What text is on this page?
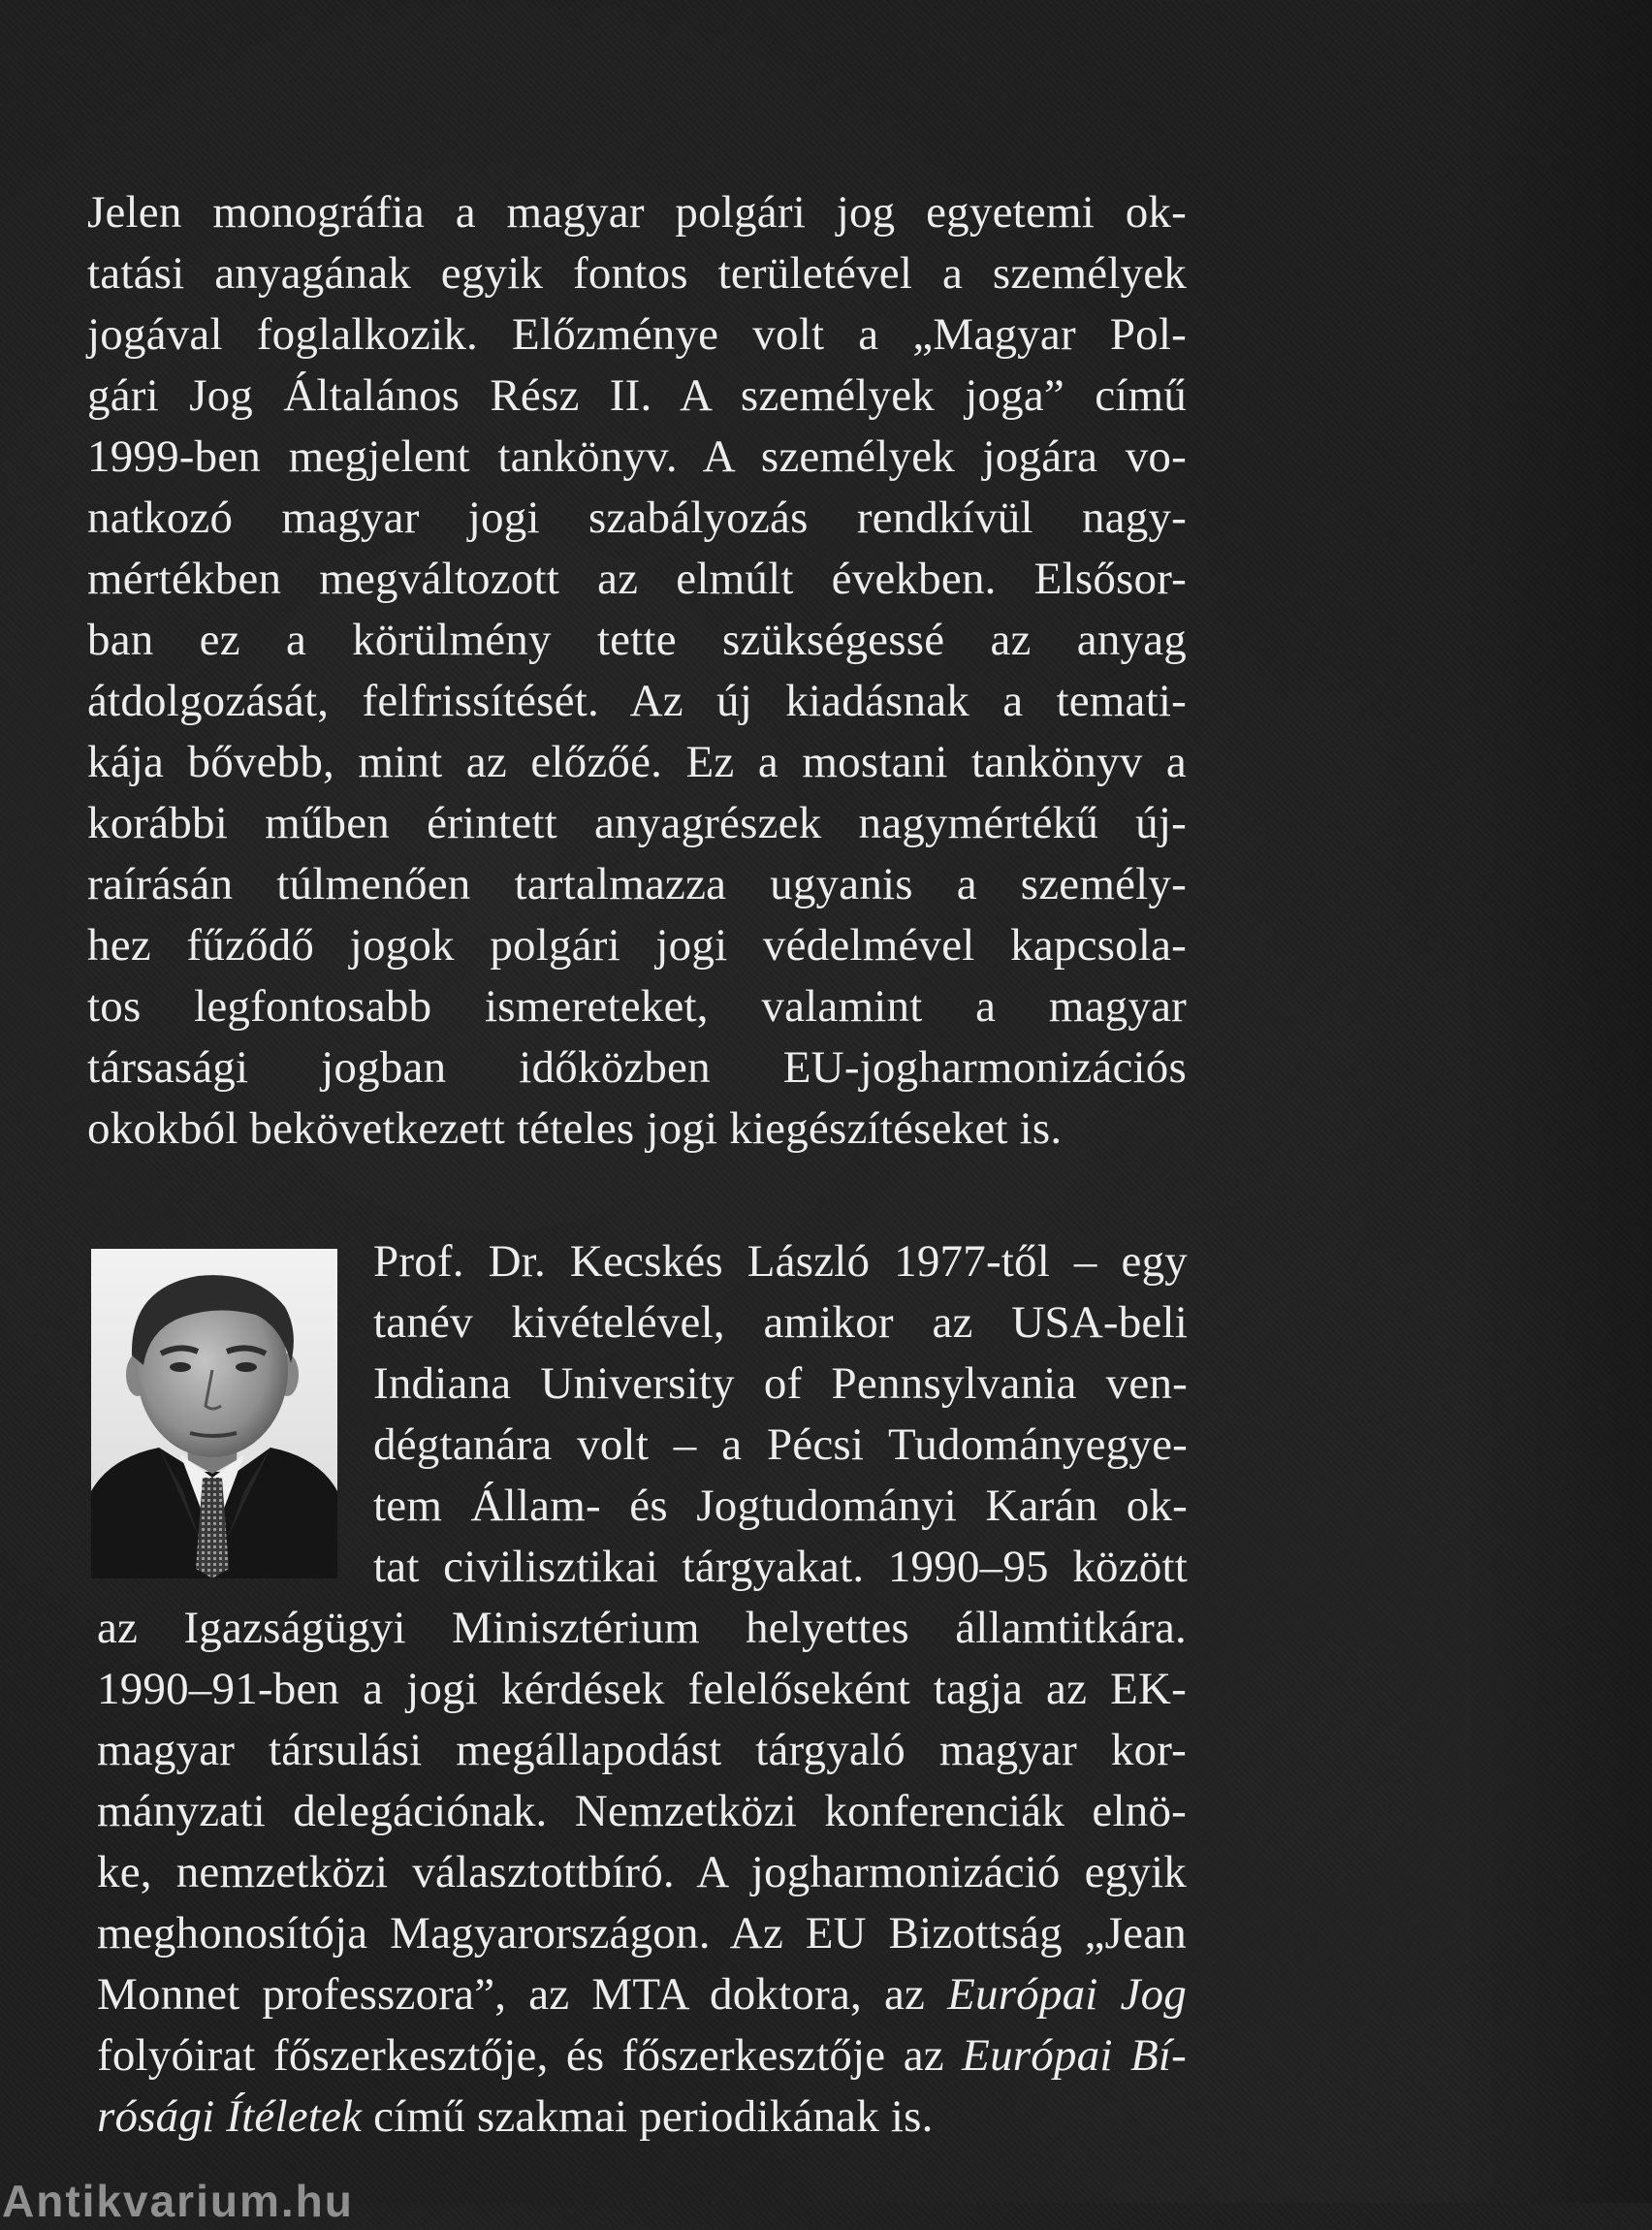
Jelen monográfia a magyar polgári jog egyetemi ok-
tatási anyagának egyik fontos területével a személyek
jogával foglalkozik. Előzménye volt a „Magyar Pol-
gári Jog Általános Rész II. A személyek joga” című
1999-ben megjelent tankönyv. A személyek jogára vo-
natkozó magyar jogi szabályozás rendkívül nagy-
mértékben megváltozott az elmúlt években. Elsősor-
ban ez a körülmény tette szükségessé az anyag
átdolgozását, felfrissítését. Az új kiadásnak a temati-
kája bővebb, mint az előzőé. Ez a mostani tankönyv a
korábbi műben érintett anyagrészek nagymértékű új-
raírásán túlmenően tartalmazza ugyanis a személy-
hez fűződő jogok polgári jogi védelmével kapcsola-
tos legfontosabb ismereteket, valamint a magyar
társasági jogban időközben EU-jogharmonizációs
okokból bekövetkezett tételes jogi kiegészítéseket is.
Prof. Dr. Kecskés László 1977-től – egy
tanév kivételével, amikor az USA-beli
Indiana University of Pennsylvania ven-
dégtanára volt – a Pécsi Tudományegye-
tem Állam- és Jogtudományi Karán ok-
tat civilisztikai tárgyakat. 1990–95 között
az Igazságügyi Minisztérium helyettes államtitkára.
1990–91-ben a jogi kérdések felelőseként tagja az EK-
magyar társulási megállapodást tárgyaló magyar kor-
mányzati delegációnak. Nemzetközi konferenciák elnö-
ke, nemzetközi választottbíró. A jogharmonizáció egyik
meghonosítója Magyarországon. Az EU Bizottság „Jean
Monnet professzora”, az MTA doktora, az Európai Jog
folyóirat főszerkesztője, és főszerkesztője az Európai Bí-
rósági Ítéletek című szakmai periodikának is.
Antikvarium.hu
